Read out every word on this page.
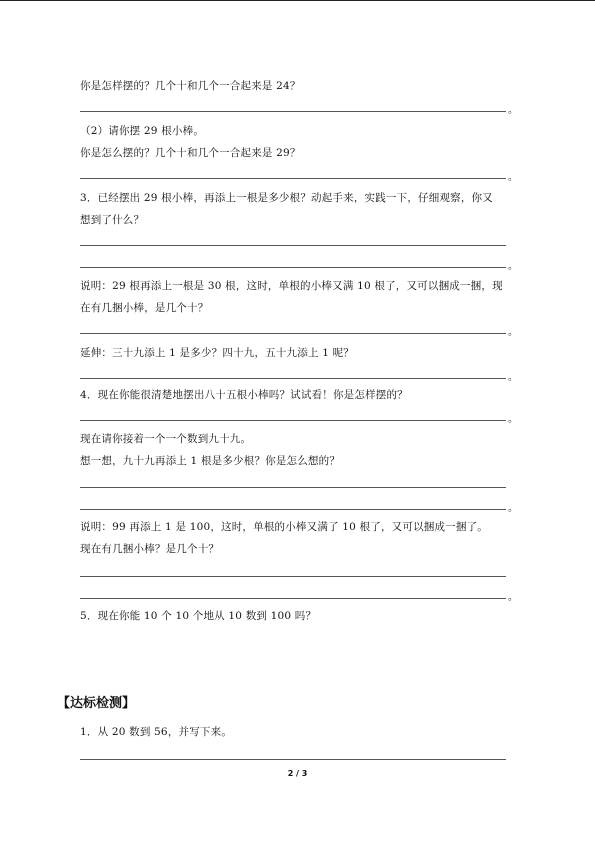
你是怎样摆的？几个十和几个一合起来是 24？
。
（2）请你摆 29 根小棒。
你是怎么摆的？几个十和几个一合起来是 29？
。
3．已经摆出 29 根小棒，再添上一根是多少根？动起手来，实践一下，仔细观察，你又
想到了什么？
。
说明：29 根再添上一根是 30 根，这时，单根的小棒又满 10 根了，又可以捆成一捆，现
在有几捆小棒，是几个十？
。
延伸：三十九添上 1 是多少？四十九，五十九添上 1 呢？
。
4．现在你能很清楚地摆出八十五根小棒吗？试试看！你是怎样摆的？
。
现在请你接着一个一个数到九十九。
想一想，九十九再添上 1 根是多少根？你是怎么想的？
。
说明：99 再添上 1 是 100，这时，单根的小棒又满了 10 根了，又可以捆成一捆了。
现在有几捆小棒？是几个十？
。
5．现在你能 10 个 10 个地从 10 数到 100 吗？
【达标检测】
1．从 20 数到 56，并写下来。
2 / 3
